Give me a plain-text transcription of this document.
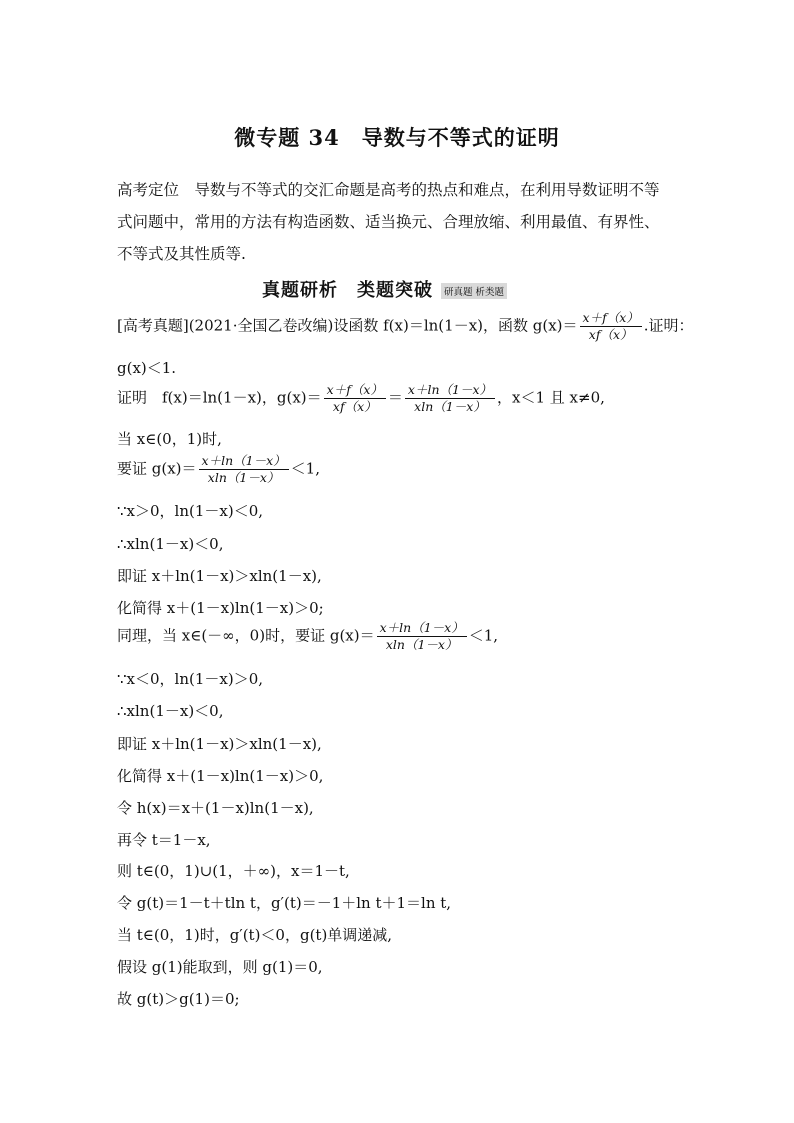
微专题 34　导数与不等式的证明
高考定位　 导数与不等式的交汇命题是高考的热点和难点，在利用导数证明不等
式问题中，常用的方法有构造函数、适当换元、合理放缩、利用最值、有界性、
不等式及其性质等.
真题研析　类题突破 研真题 析类题
[高考真题](2021·全国乙卷改编)设函数 f(x)＝ln(1－x)，函数 $g(x)= \frac{x+f(x)}{xf(x)}$ .证明：
g(x)＜1.
证明　f(x)＝ln(1－x)，$g(x)= \frac{x+f(x)}{xf(x)} = \frac{x+\ln(1-x)}{xln(1-x)}$ ，x＜1 且 x≠0,
当 x∈(0，1)时,
要证 $g(x)= \frac{x+\ln(1-x)}{xln(1-x)} <1$,
∵x＞0，ln(1－x)＜0,
∴xln(1－x)＜0,
即证 x＋ln(1－x)＞xln(1－x),
化简得 x＋(1－x)ln(1－x)＞0;
同理，当 x∈(－∞，0)时，要证 $g(x)= \frac{x+\ln(1-x)}{xln(1-x)} <1$,
∵x＜0，ln(1－x)＞0,
∴xln(1－x)＜0,
即证 x＋ln(1－x)＞xln(1－x),
化简得 x＋(1－x)ln(1－x)＞0,
令 h(x)＝x＋(1－x)ln(1－x),
再令 t＝1－x,
则 t∈(0，1)∪(1，＋∞)，x＝1－t,
令 g(t)＝1－t＋tln t，g′(t)＝－1＋ln t＋1＝ln t,
当 t∈(0，1)时，g′(t)＜0，g(t)单调递减,
假设 g(1)能取到，则 g(1)＝0,
故 g(t)＞g(1)＝0;
